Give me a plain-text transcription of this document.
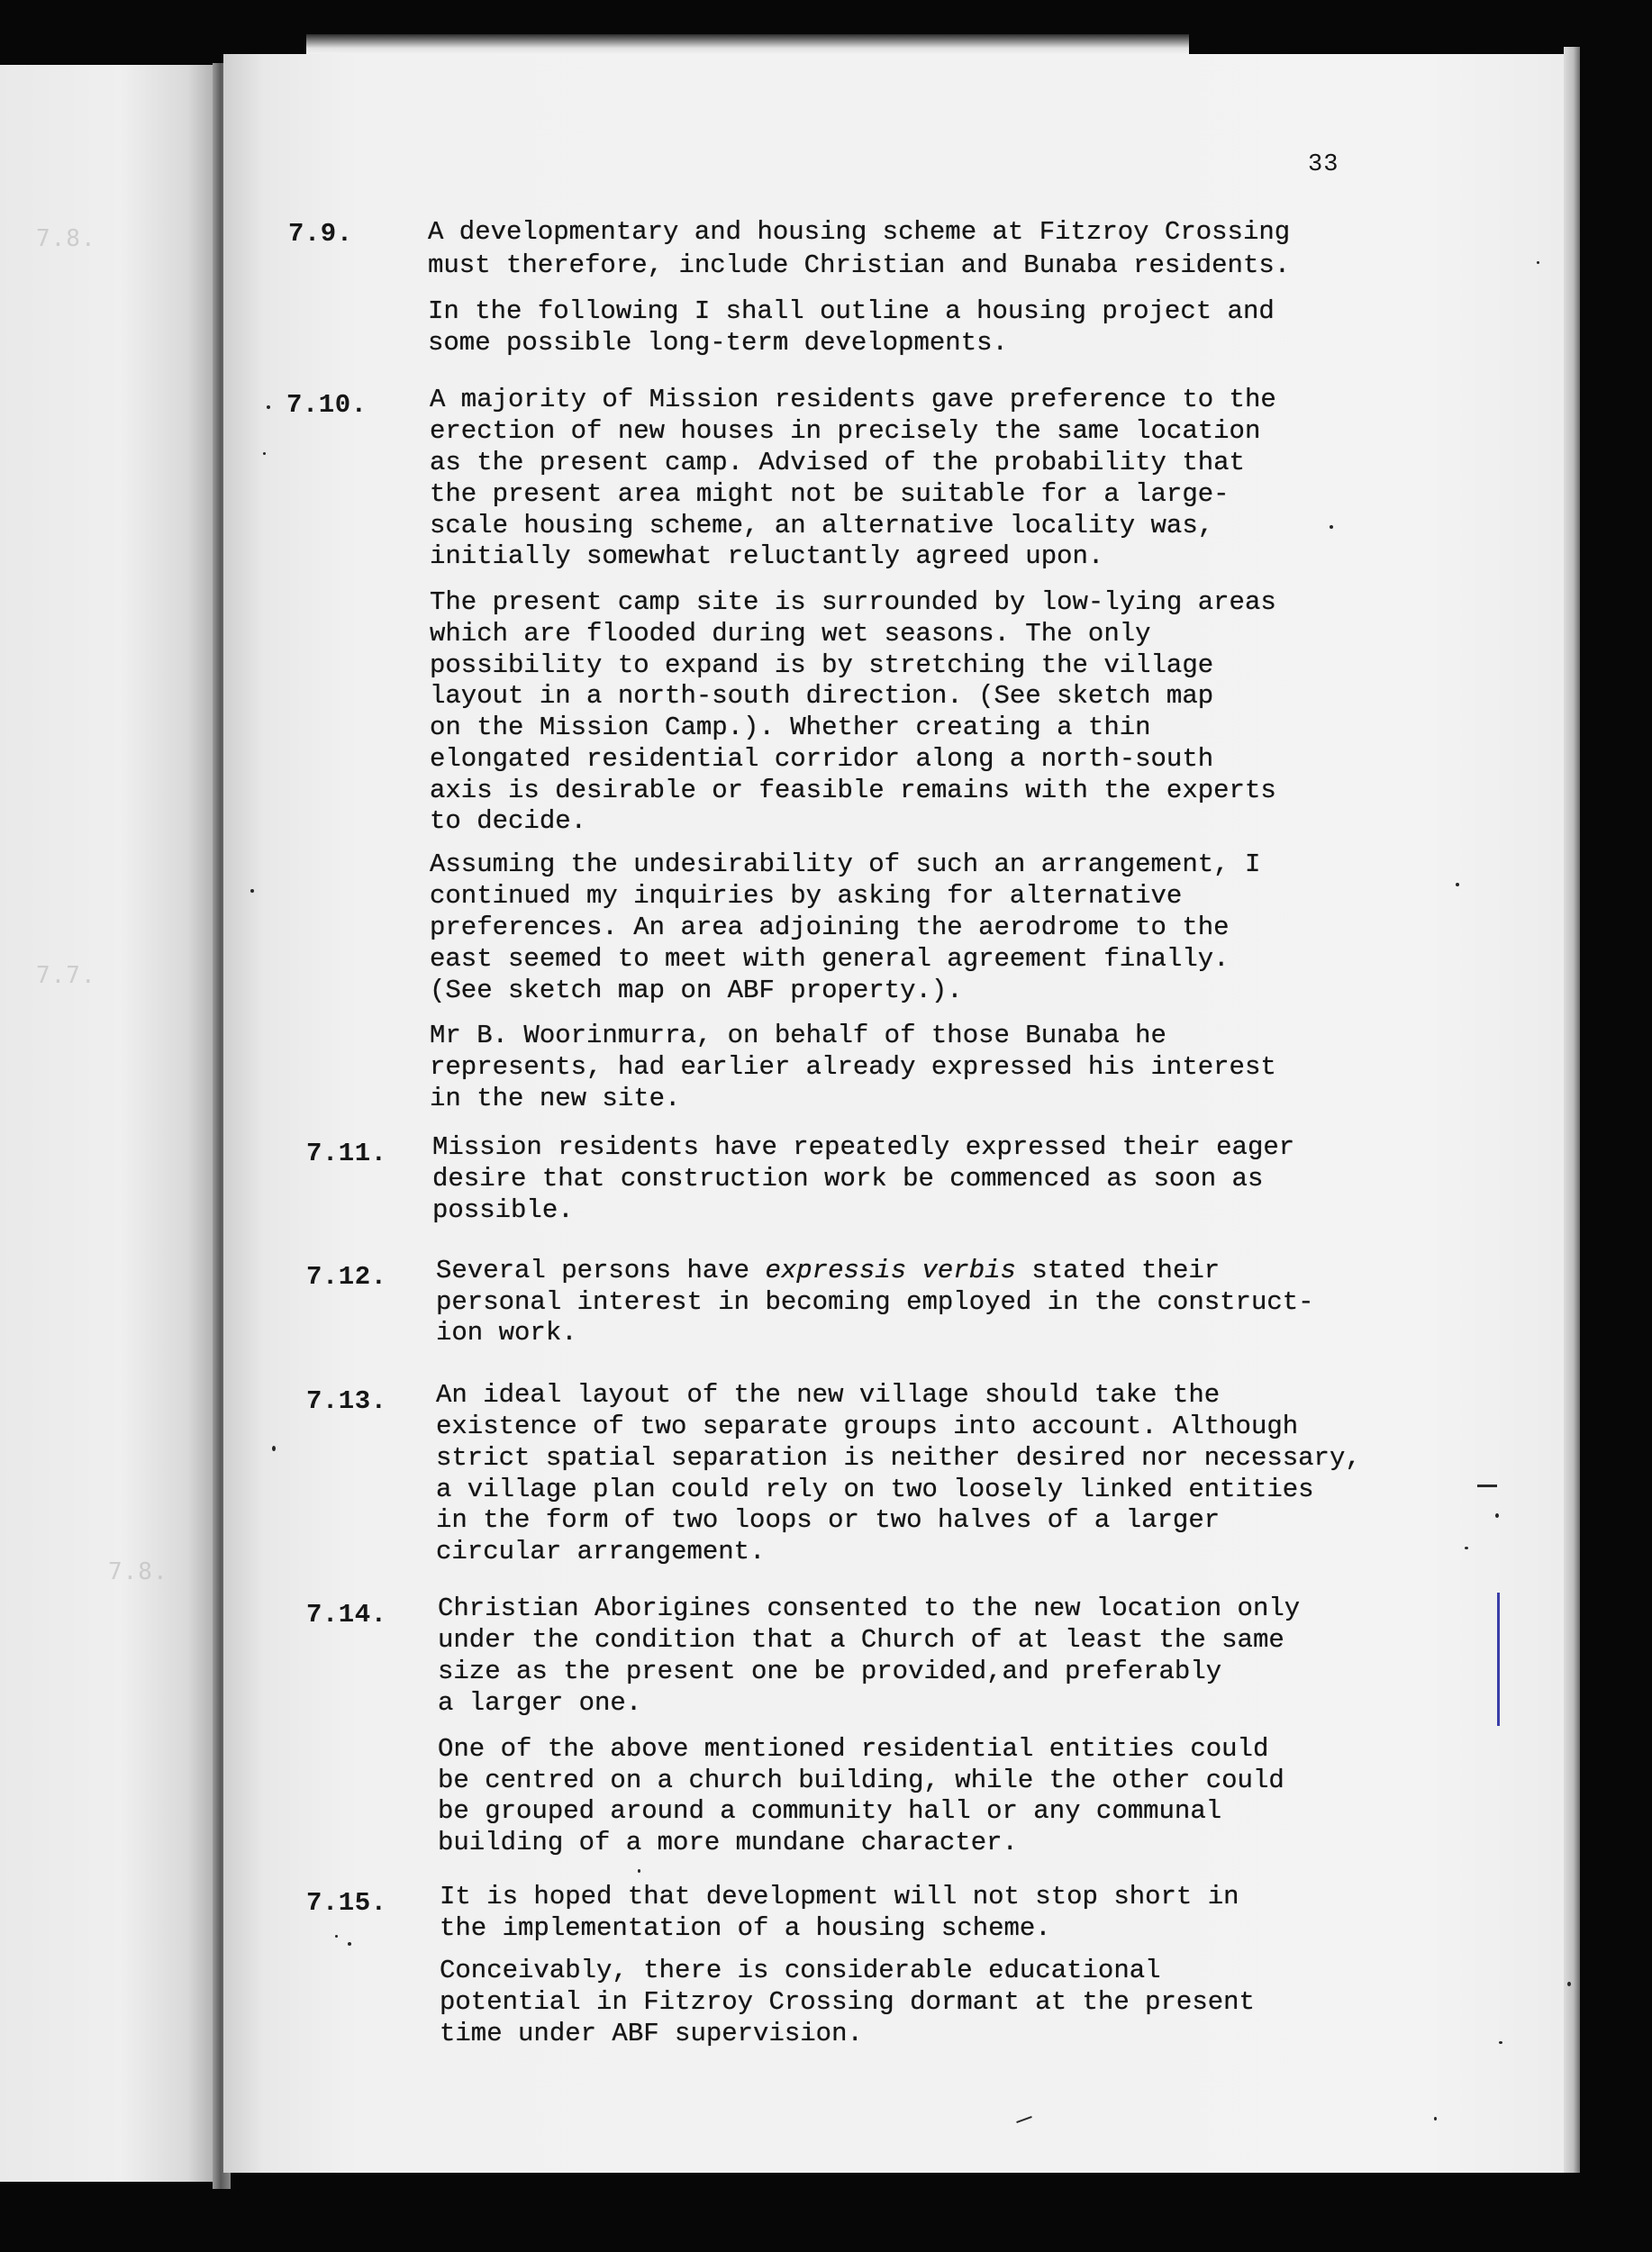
7.8.
7.7.
7.8.
33
7.9.	A developmentary and housing scheme at Fitzroy Crossing
must therefore, include Christian and Bunaba residents.
In the following I shall outline a housing project and
some possible long-term developments.
7.10. A majority of Mission residents gave preference to the
erection of new houses in precisely the same location
as the present camp. Advised of the probability that
the present area might not be suitable for a large-
scale housing scheme, an alternative locality was,
initially somewhat reluctantly agreed upon.
The present camp site is surrounded by low-lying areas
which are flooded during wet seasons. The only
possibility to expand is by stretching the village
layout in a north-south direction. (See sketch map
on the Mission Camp.). Whether creating a thin
elongated residential corridor along a north-south
axis is desirable or feasible remains with the experts
to decide.
Assuming the undesirability of such an arrangement, I
continued my inquiries by asking for alternative
preferences. An area adjoining the aerodrome to the
east seemed to meet with general agreement finally.
(See sketch map on ABF property.).
Mr B. Woorinmurra, on behalf of those Bunaba he
represents, had earlier already expressed his interest
in the new site.
7.11. Mission residents have repeatedly expressed their eager
desire that construction work be commenced as soon as
possible.
7.12. Several persons have expressis verbis stated their
personal interest in becoming employed in the construct-
ion work.
7.13. An ideal layout of the new village should take the
existence of two separate groups into account. Although
strict spatial separation is neither desired nor necessary,
a village plan could rely on two loosely linked entities
in the form of two loops or two halves of a larger
circular arrangement.
7.14. Christian Aborigines consented to the new location only
under the condition that a Church of at least the same
size as the present one be provided,and preferably
a larger one.
One of the above mentioned residential entities could
be centred on a church building, while the other could
be grouped around a community hall or any communal
building of a more mundane character.
7.15. It is hoped that development will not stop short in
the implementation of a housing scheme.
Conceivably, there is considerable educational
potential in Fitzroy Crossing dormant at the present
time under ABF supervision.
